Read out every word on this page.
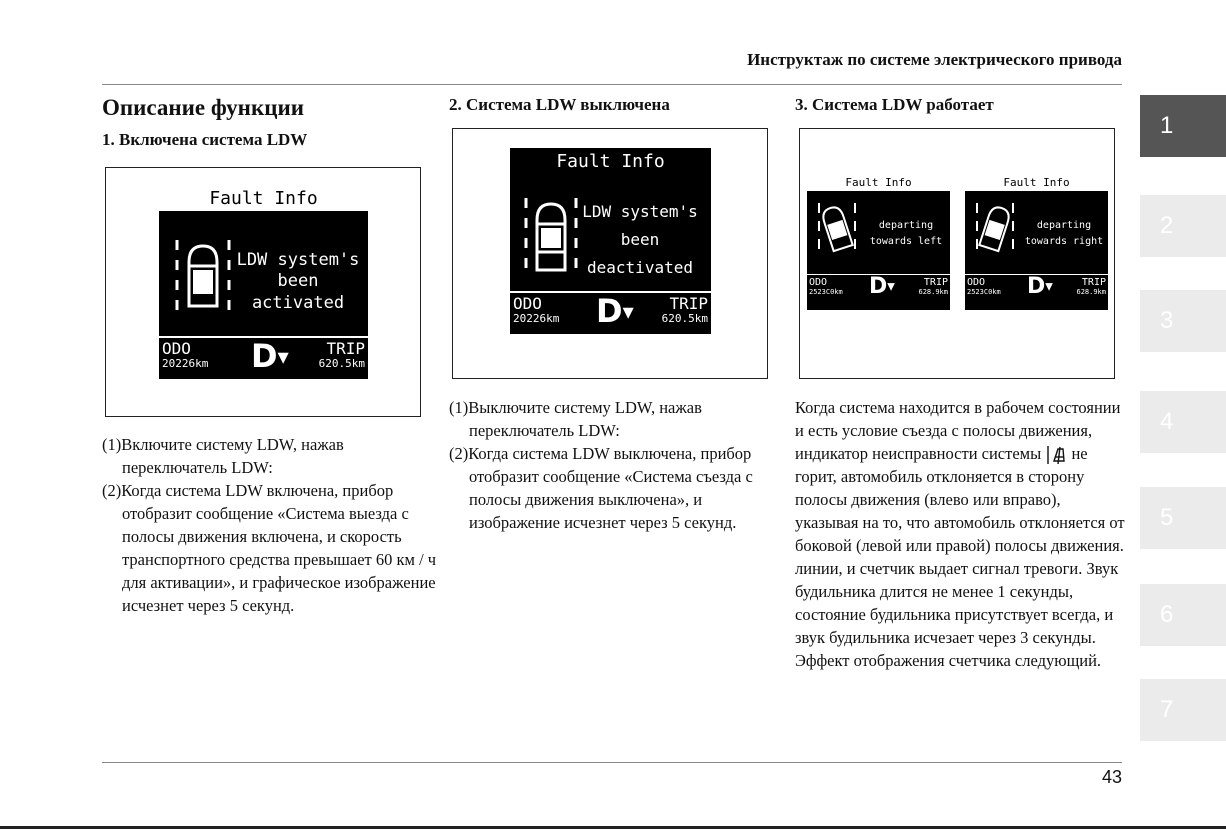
Инструктаж по системе электрического привода
Описание функции
1. Включена система LDW
Fault Info
LDW system's
been activated
ODO
20226km D▼	TRIP
620.5km

(1)Включите систему LDW, нажав переключатель LDW:

(2)Когда система LDW включена, прибор отобразит сообщение «Система выезда с полосы движения включена, и скорость транспортного средства превышает 60 км / ч для активации», и графическое изображение исчезнет через 5 секунд.

2. Система LDW выключена
Fault Info
LDW system's
been
deactivated
ODO
20226km D▼	TRIP
620.5km

(1)Выключите систему LDW, нажав переключатель LDW:

(2)Когда система LDW выключена, прибор отобразит сообщение «Система съезда с полосы движения выключена», и изображение исчезнет через 5 секунд.

3. Система LDW работает
Fault Info
departing
towards left
ODO
2523C0km D▼	TRIP
628.9km
Fault Info
departing
towards right
ODO
2523C0km D▼	TRIP
628.9km

Когда система находится в рабочем состоянии и есть условие съезда с полосы движения, индикатор неисправности системы не горит, автомобиль отклоняется в сторону полосы движения (влево или вправо), указывая на то, что автомобиль отклоняется от боковой (левой или правой) полосы движения. линии, и счетчик выдает сигнал тревоги. Звук будильника длится не менее 1 секунды, состояние будильника присутствует всегда, и звук будильника исчезает через 3 секунды. Эффект отображения счетчика следующий.

1
2
3
4
5
6
7
43
